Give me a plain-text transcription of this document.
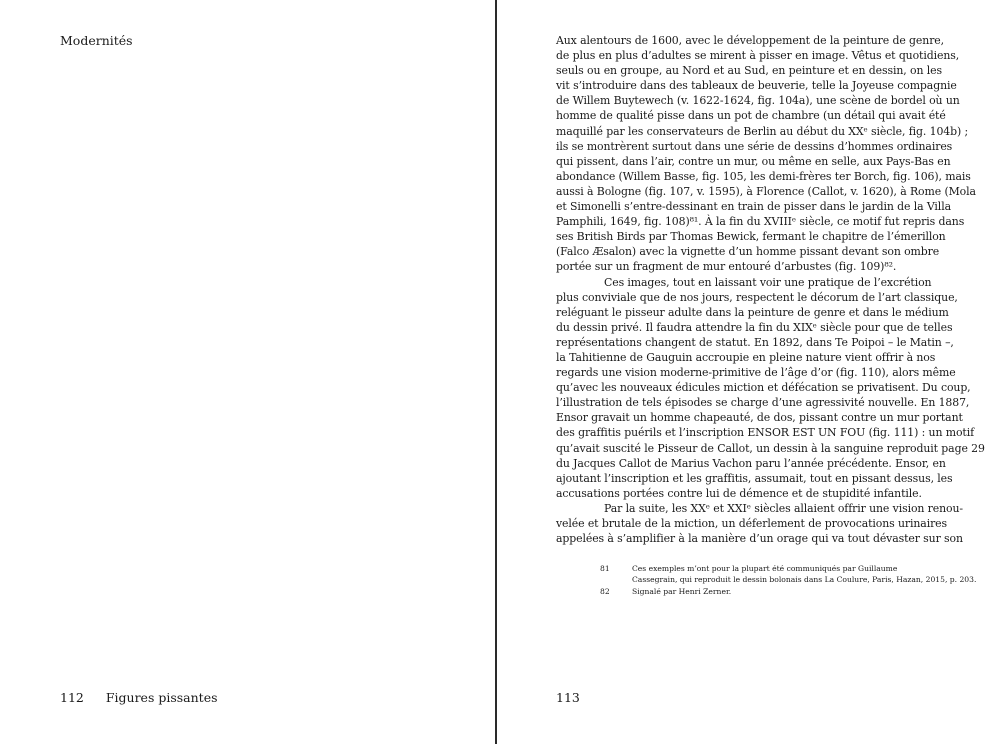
Modernités	Aux alentours de 1600, avec le développement de la peinture de genre,
de plus en plus d’adultes se mirent à pisser en image. Vêtus et quotidiens,
seuls ou en groupe, au Nord et au Sud, en peinture et en dessin, on les
vit s’introduire dans des tableaux de beuverie, telle la Joyeuse compagnie
de Willem Buytewech (v. 1622-1624, fig. 104a), une scène de bordel où un
homme de qualité pisse dans un pot de chambre (un détail qui avait été
maquillé par les conservateurs de Berlin au début du XXᵉ siècle, fig. 104b) ;
ils se montrèrent surtout dans une série de dessins d’hommes ordinaires
qui pissent, dans l’air, contre un mur, ou même en selle, aux Pays-Bas en
abondance (Willem Basse, fig. 105, les demi-frères ter Borch, fig. 106), mais
aussi à Bologne (fig. 107, v. 1595), à Florence (Callot, v. 1620), à Rome (Mola
et Simonelli s’entre-dessinant en train de pisser dans le jardin de la Villa
Pamphili, 1649, fig. 108)⁸¹. À la fin du XVIIIᵉ siècle, ce motif fut repris dans
ses British Birds par Thomas Bewick, fermant le chapitre de l’émerillon
(Falco Æsalon) avec la vignette d’un homme pissant devant son ombre
portée sur un fragment de mur entouré d’arbustes (fig. 109)⁸².
Ces images, tout en laissant voir une pratique de l’excrétion
plus conviviale que de nos jours, respectent le décorum de l’art classique,
reléguant le pisseur adulte dans la peinture de genre et dans le médium
du dessin privé. Il faudra attendre la fin du XIXᵉ siècle pour que de telles
représentations changent de statut. En 1892, dans Te Poipoi – le Matin –,
la Tahitienne de Gauguin accroupie en pleine nature vient offrir à nos
regards une vision moderne-primitive de l’âge d’or (fig. 110), alors même
qu’avec les nouveaux édicules miction et défécation se privatisent. Du coup,
l’illustration de tels épisodes se charge d’une agressivité nouvelle. En 1887,
Ensor gravait un homme chapeauté, de dos, pissant contre un mur portant
des graffitis puérils et l’inscription ENSOR EST UN FOU (fig. 111) : un motif
qu’avait suscité le Pisseur de Callot, un dessin à la sanguine reproduit page 29
du Jacques Callot de Marius Vachon paru l’année précédente. Ensor, en
ajoutant l’inscription et les graffitis, assumait, tout en pissant dessus, les
accusations portées contre lui de démence et de stupidité infantile.
Par la suite, les XXᵉ et XXIᵉ siècles allaient offrir une vision renou-
velée et brutale de la miction, un déferlement de provocations urinaires
appelées à s’amplifier à la manière d’un orage qui va tout dévaster sur son
81	Ces exemples m’ont pour la plupart été communiqués par Guillaume
Cassegrain, qui reproduit le dessin bolonais dans La Coulure, Paris, Hazan, 2015, p. 203.
82	Signalé par Henri Zerner.
112 Figures pissantes	113
